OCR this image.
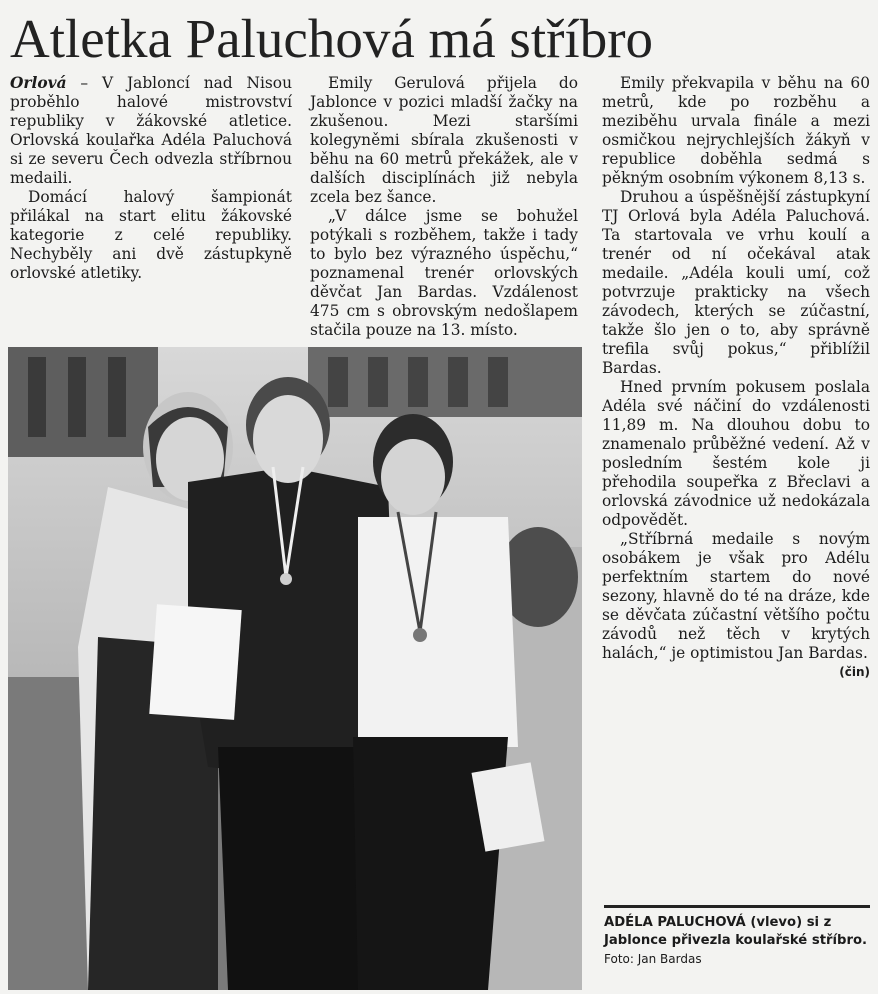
Atletka Paluchová má stříbro

Orlová – V Jabloncí nad Nisou proběhlo halové mistrovství republiky v žákovské atletice. Orlovská koulařka Adéla Paluchová si ze severu Čech odvezla stříbrnou medaili.

Domácí halový šampionát přilákal na start elitu žákovské kategorie z celé republiky. Nechyběly ani dvě zástupkyně orlovské atletiky.

Emily Gerulová přijela do Jablonce v pozici mladší žačky na zkušenou. Mezi staršími kolegyněmi sbírala zkušenosti v běhu na 60 metrů překážek, ale v dalších disciplínách již nebyla zcela bez šance.

„V dálce jsme se bohužel potýkali s rozběhem, takže i tady to bylo bez výrazného úspěchu,“ poznamenal trenér orlovských děvčat Jan Bardas. Vzdálenost 475 cm s obrovským nedošlapem stačila pouze na 13. místo.

Emily překvapila v běhu na 60 metrů, kde po rozběhu a meziběhu urvala finále a mezi osmičkou nejrychlejších žákyň v republice doběhla sedmá s pěkným osobním výkonem 8,13 s.

Druhou a úspěšnější zástupkyní TJ Orlová byla Adéla Paluchová. Ta startovala ve vrhu koulí a trenér od ní očekával atak medaile. „Adéla kouli umí, což potvrzuje prakticky na všech závodech, kterých se zúčastní, takže šlo jen o to, aby správně trefila svůj pokus,“ přiblížil Bardas.

Hned prvním pokusem poslala Adéla své náčiní do vzdálenosti 11,89 m. Na dlouhou dobu to znamenalo průběžné vedení. Až v posledním šestém kole ji přehodila soupeřka z Břeclavi a orlovská závodnice už nedokázala odpovědět.

„Stříbrná medaile s novým osobákem je však pro Adélu perfektním startem do nové sezony, hlavně do té na dráze, kde se děvčata zúčastní většího počtu závodů než těch v krytých halách,“ je optimistou Jan Bardas.
(čin)

ADÉLA PALUCHOVÁ (vlevo) si z Jablonce přivezla koulařské stříbro. Foto: Jan Bardas
